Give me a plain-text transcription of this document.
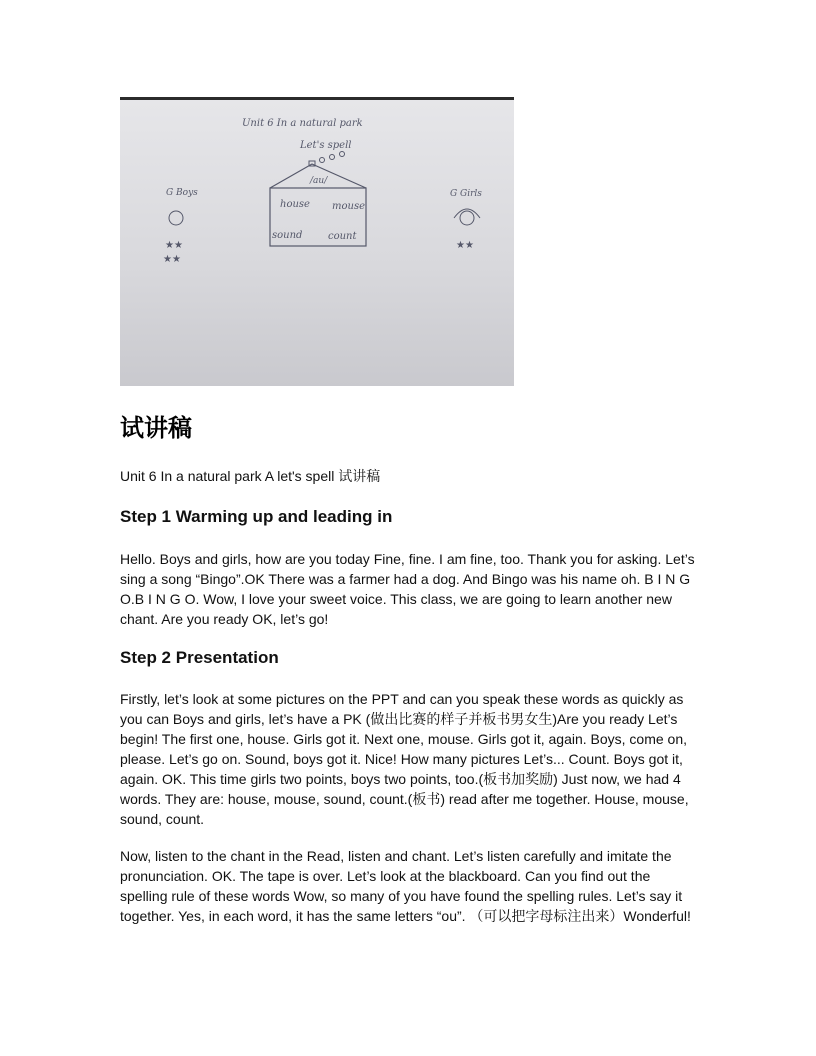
Unit 6 In a natural park
Let's spell
/au/
house mouse
sound	count
G Boys
★★
★★
G Girls
★★
试讲稿

Unit 6 In a natural park A let's spell 试讲稿

Step 1 Warming up and leading in

Hello. Boys and girls, how are you today Fine, fine. I am fine, too. Thank you for asking. Let’s sing a song “Bingo”.OK There was a farmer had a dog. And Bingo was his name oh. B I N G O.B I N G O. Wow, I love your sweet voice. This class, we are going to learn another new chant. Are you ready OK, let’s go!

Step 2 Presentation

Firstly, let’s look at some pictures on the PPT and can you speak these words as quickly as you can Boys and girls, let’s have a PK (做出比赛的样子并板书男女生)Are you ready Let’s begin! The first one, house. Girls got it. Next one, mouse. Girls got it, again. Boys, come on, please. Let’s go on. Sound, boys got it. Nice! How many pictures Let’s... Count. Boys got it, again. OK. This time girls two points, boys two points, too.(板书加奖励) Just now, we had 4 words. They are: house, mouse, sound, count.(板书) read after me together. House, mouse, sound, count.

Now, listen to the chant in the Read, listen and chant. Let’s listen carefully and imitate the pronunciation. OK. The tape is over. Let’s look at the blackboard. Can you find out the spelling rule of these words Wow, so many of you have found the spelling rules. Let’s say it together. Yes, in each word, it has the same letters “ou”. （可以把字母标注出来）Wonderful!
